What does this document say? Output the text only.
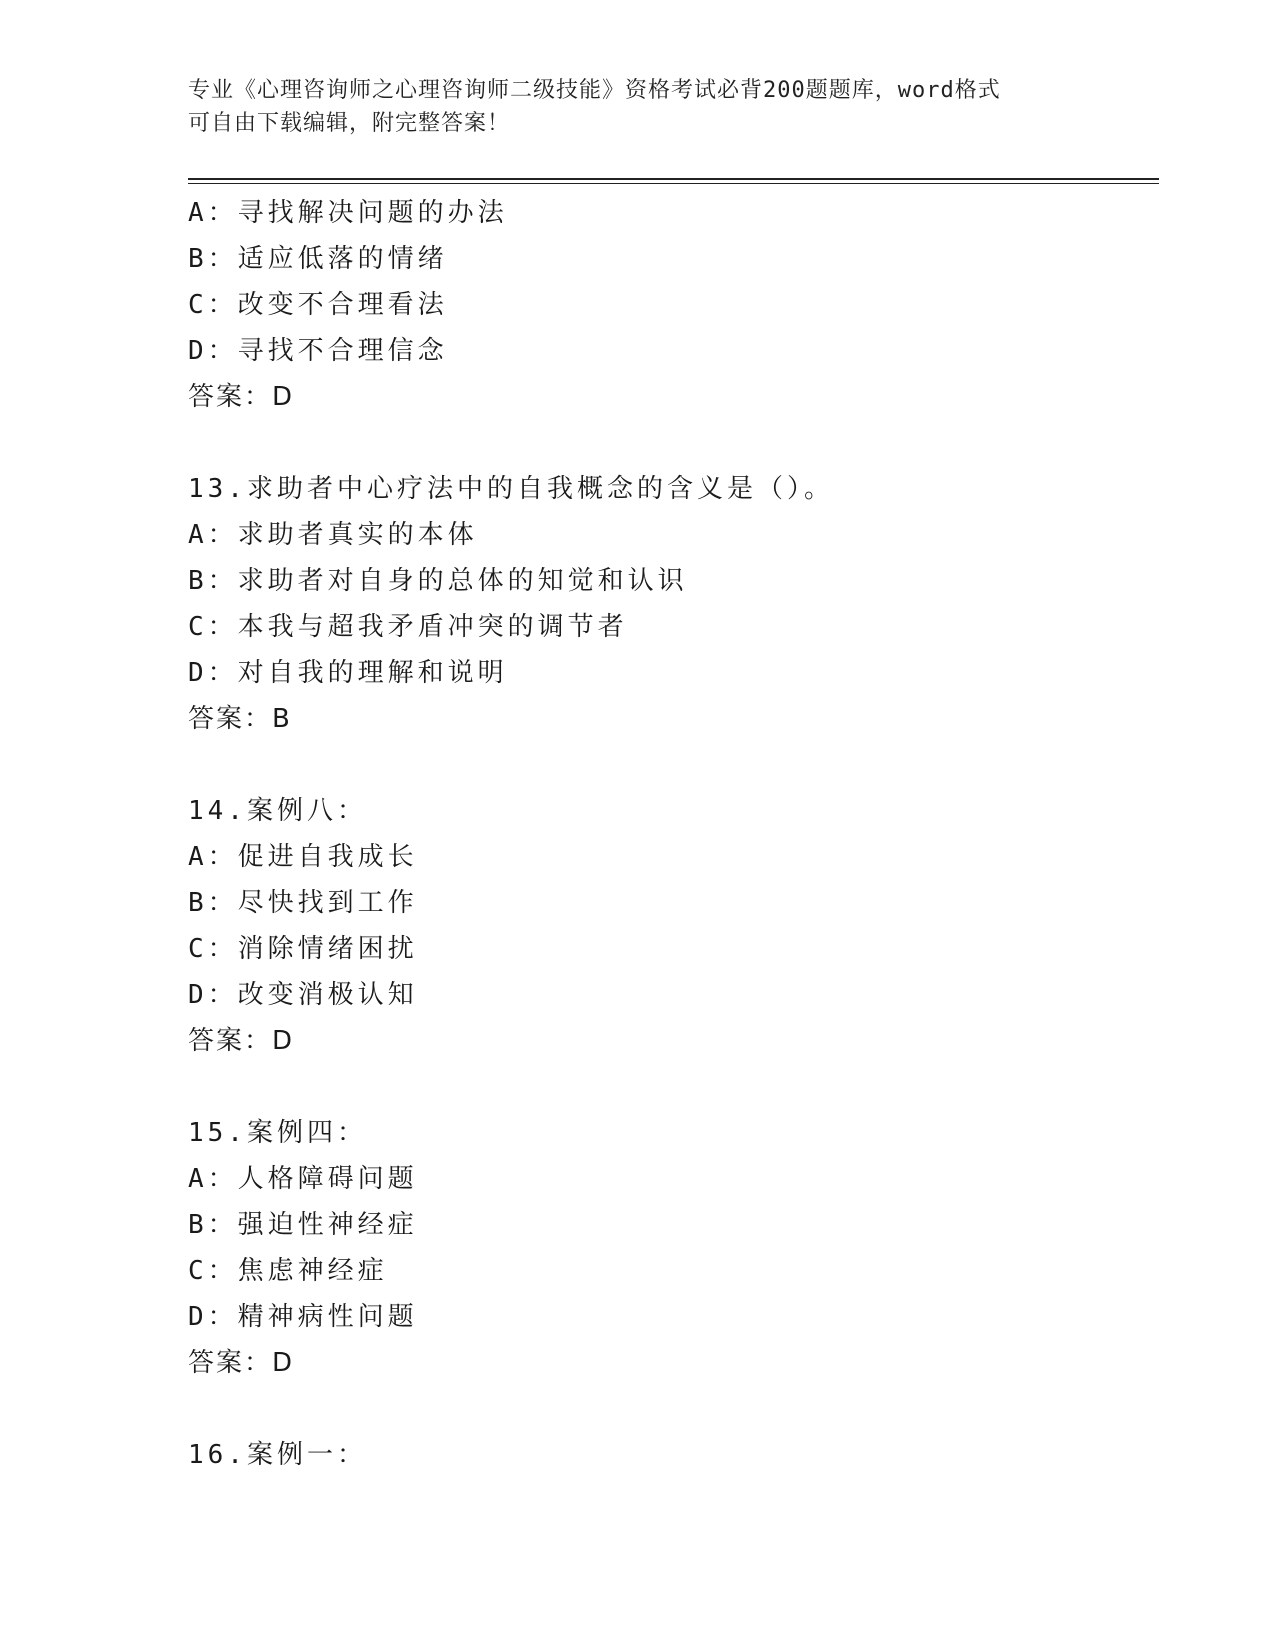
专业《心理咨询师之心理咨询师二级技能》资格考试必背200题题库，word格式
可自由下载编辑，附完整答案！
A：寻找解决问题的办法
B：适应低落的情绪
C：改变不合理看法
D：寻找不合理信念
答案：D
13.求助者中心疗法中的自我概念的含义是（）。
A：求助者真实的本体
B：求助者对自身的总体的知觉和认识
C：本我与超我矛盾冲突的调节者
D：对自我的理解和说明
答案：B
14.案例八：
A：促进自我成长
B：尽快找到工作
C：消除情绪困扰
D：改变消极认知
答案：D
15.案例四：
A：人格障碍问题
B：强迫性神经症
C：焦虑神经症
D：精神病性问题
答案：D
16.案例一：
